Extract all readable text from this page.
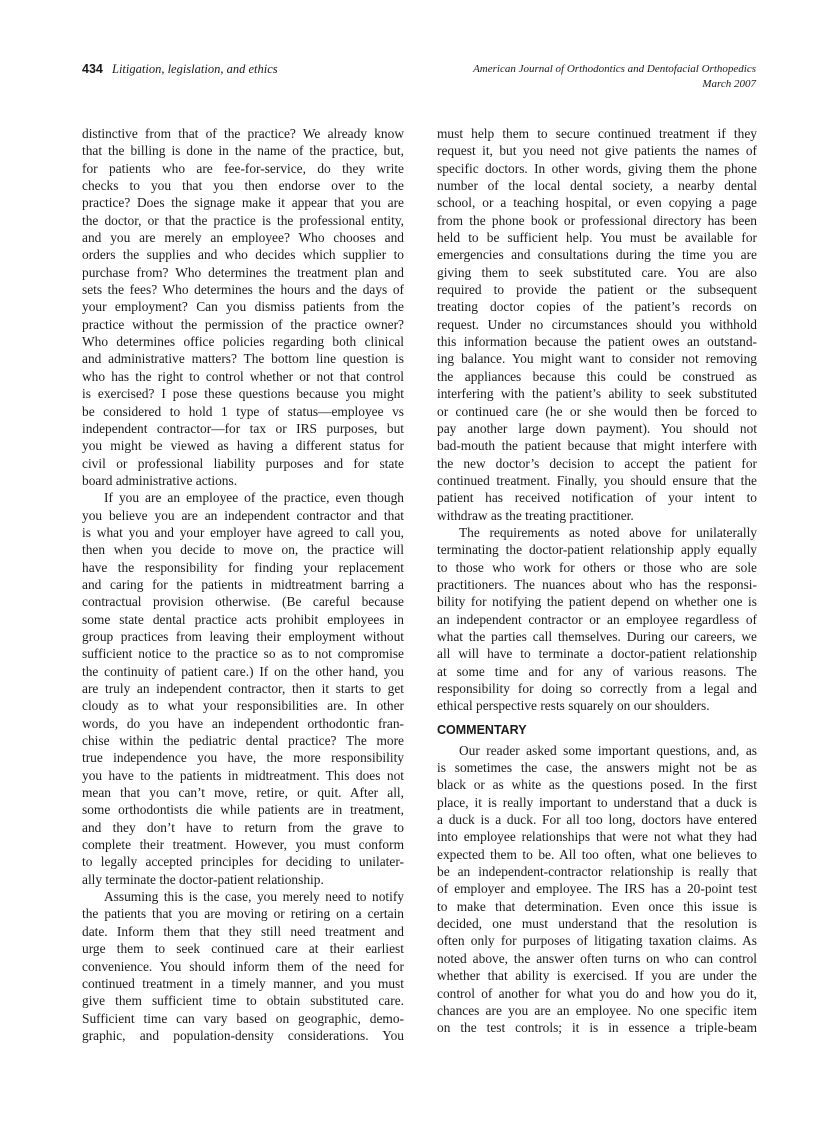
434 Litigation, legislation, and ethics	American Journal of Orthodontics and Dentofacial Orthopedics
March 2007
distinctive from that of the practice? We already know
that the billing is done in the name of the practice, but,
for patients who are fee-for-service, do they write
checks to you that you then endorse over to the
practice? Does the signage make it appear that you are
the doctor, or that the practice is the professional entity,
and you are merely an employee? Who chooses and
orders the supplies and who decides which supplier to
purchase from? Who determines the treatment plan and
sets the fees? Who determines the hours and the days of
your employment? Can you dismiss patients from the
practice without the permission of the practice owner?
Who determines office policies regarding both clinical
and administrative matters? The bottom line question is
who has the right to control whether or not that control
is exercised? I pose these questions because you might
be considered to hold 1 type of status—employee vs
independent contractor—for tax or IRS purposes, but
you might be viewed as having a different status for
civil or professional liability purposes and for state
board administrative actions.
If you are an employee of the practice, even though
you believe you are an independent contractor and that
is what you and your employer have agreed to call you,
then when you decide to move on, the practice will
have the responsibility for finding your replacement
and caring for the patients in midtreatment barring a
contractual provision otherwise. (Be careful because
some state dental practice acts prohibit employees in
group practices from leaving their employment without
sufficient notice to the practice so as to not compromise
the continuity of patient care.) If on the other hand, you
are truly an independent contractor, then it starts to get
cloudy as to what your responsibilities are. In other
words, do you have an independent orthodontic fran-
chise within the pediatric dental practice? The more
true independence you have, the more responsibility
you have to the patients in midtreatment. This does not
mean that you can’t move, retire, or quit. After all,
some orthodontists die while patients are in treatment,
and they don’t have to return from the grave to
complete their treatment. However, you must conform
to legally accepted principles for deciding to unilater-
ally terminate the doctor-patient relationship.
Assuming this is the case, you merely need to notify
the patients that you are moving or retiring on a certain
date. Inform them that they still need treatment and
urge them to seek continued care at their earliest
convenience. You should inform them of the need for
continued treatment in a timely manner, and you must
give them sufficient time to obtain substituted care.
Sufficient time can vary based on geographic, demo-
graphic, and population-density considerations. You
must help them to secure continued treatment if they
request it, but you need not give patients the names of
specific doctors. In other words, giving them the phone
number of the local dental society, a nearby dental
school, or a teaching hospital, or even copying a page
from the phone book or professional directory has been
held to be sufficient help. You must be available for
emergencies and consultations during the time you are
giving them to seek substituted care. You are also
required to provide the patient or the subsequent
treating doctor copies of the patient’s records on
request. Under no circumstances should you withhold
this information because the patient owes an outstand-
ing balance. You might want to consider not removing
the appliances because this could be construed as
interfering with the patient’s ability to seek substituted
or continued care (he or she would then be forced to
pay another large down payment). You should not
bad-mouth the patient because that might interfere with
the new doctor’s decision to accept the patient for
continued treatment. Finally, you should ensure that the
patient has received notification of your intent to
withdraw as the treating practitioner.
The requirements as noted above for unilaterally
terminating the doctor-patient relationship apply equally
to those who work for others or those who are sole
practitioners. The nuances about who has the responsi-
bility for notifying the patient depend on whether one is
an independent contractor or an employee regardless of
what the parties call themselves. During our careers, we
all will have to terminate a doctor-patient relationship
at some time and for any of various reasons. The
responsibility for doing so correctly from a legal and
ethical perspective rests squarely on our shoulders.
COMMENTARY
Our reader asked some important questions, and, as
is sometimes the case, the answers might not be as
black or as white as the questions posed. In the first
place, it is really important to understand that a duck is
a duck is a duck. For all too long, doctors have entered
into employee relationships that were not what they had
expected them to be. All too often, what one believes to
be an independent-contractor relationship is really that
of employer and employee. The IRS has a 20-point test
to make that determination. Even once this issue is
decided, one must understand that the resolution is
often only for purposes of litigating taxation claims. As
noted above, the answer often turns on who can control
whether that ability is exercised. If you are under the
control of another for what you do and how you do it,
chances are you are an employee. No one specific item
on the test controls; it is in essence a triple-beam
